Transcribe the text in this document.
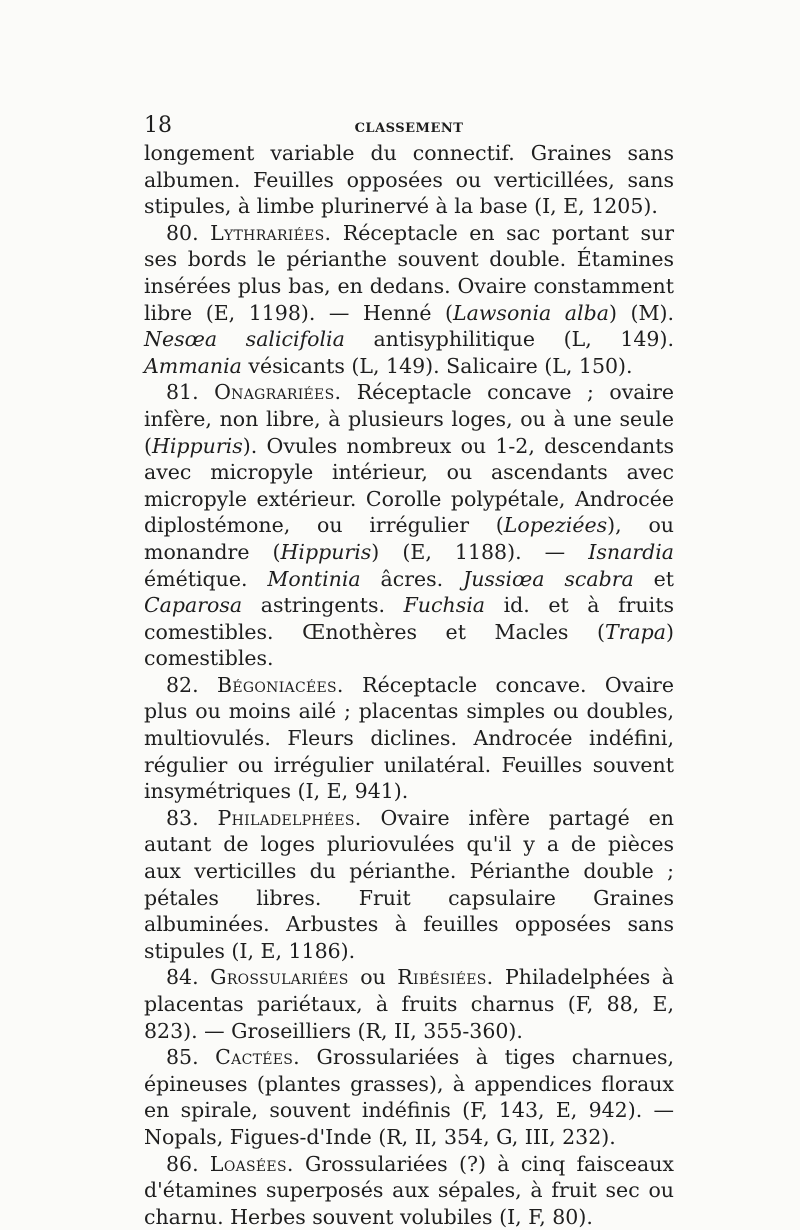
18	CLASSEMENT

longement variable du connectif. Graines sans albumen. Feuilles opposées ou verticillées, sans stipules, à limbe plurinervé à la base (I, E, 1205).

80. Lythrariées. Réceptacle en sac portant sur ses bords le périanthe souvent double. Étamines insérées plus bas, en dedans. Ovaire constamment libre (E, 1198). — Henné (Lawsonia alba) (M). Nesœa salicifolia antisyphilitique (L, 149). Ammania vésicants (L, 149). Salicaire (L, 150).

81. Onagrariées. Réceptacle concave ; ovaire infère, non libre, à plusieurs loges, ou à une seule (Hippuris). Ovules nombreux ou 1-2, descendants avec micropyle intérieur, ou ascendants avec micropyle extérieur. Corolle polypétale, Androcée diplostémone, ou irrégulier (Lopeziées), ou monandre (Hippuris) (E, 1188). — Isnardia émétique. Montinia âcres. Jussiœa scabra et Caparosa astringents. Fuchsia id. et à fruits comestibles. Œnothères et Macles (Trapa) comestibles.

82. Bégoniacées. Réceptacle concave. Ovaire plus ou moins ailé ; placentas simples ou doubles, multiovulés. Fleurs diclines. Androcée indéfini, régulier ou irrégulier unilatéral. Feuilles souvent insymétriques (I, E, 941).

83. Philadelphées. Ovaire infère partagé en autant de loges pluriovulées qu'il y a de pièces aux verticilles du périanthe. Périanthe double ; pétales libres. Fruit capsulaire Graines albuminées. Arbustes à feuilles opposées sans stipules (I, E, 1186).

84. Grossulariées ou Ribésiées. Philadelphées à placentas pariétaux, à fruits charnus (F, 88, E, 823). — Groseilliers (R, II, 355-360).

85. Cactées. Grossulariées à tiges charnues, épineuses (plantes grasses), à appendices floraux en spirale, souvent indéfinis (F, 143, E, 942). — Nopals, Figues-d'Inde (R, II, 354, G, III, 232).

86. Loasées. Grossulariées (?) à cinq faisceaux d'étamines superposés aux sépales, à fruit sec ou charnu. Herbes souvent volubiles (I, F, 80).
